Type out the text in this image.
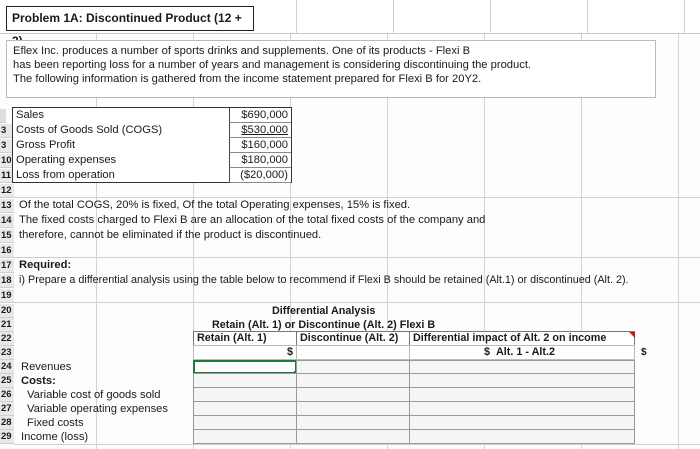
Problem 1A: Discontinued Product (12 +
Eflex Inc. produces a number of sports drinks and supplements. One of its products - Flexi B
has been reporting loss for a number of years and management is considering discontinuing the product.
The following information is gathered from the income statement prepared for Flexi B for 20Y2.
3
3
10
11
Sales	$690,000
Costs of Goods Sold (COGS)	$530,000
Gross Profit	$160,000
Operating expenses	$180,000
Loss from operation	($20,000)
12
13 Of the total COGS, 20% is fixed, Of the total Operating expenses, 15% is fixed.
14 The fixed costs charged to Flexi B are an allocation of the total fixed costs of the company and
15 therefore, cannot be eliminated if the product is discontinued.
16
17 Required:
18 i) Prepare a differential analysis using the table below to recommend if Flexi B should be retained (Alt.1) or discontinued (Alt. 2).
19
20
21
22
23
24
25
26
27
28
29
Differential Analysis
Retain (Alt. 1) or Discontinue (Alt. 2) Flexi B
Retain (Alt. 1)	Discontinue (Alt. 2)	Differential impact of Alt. 2 on income
$	$ Alt. 1 - Alt.2	$
Revenues
Costs:
Variable cost of goods sold
Variable operating expenses
Fixed costs
Income (loss)
